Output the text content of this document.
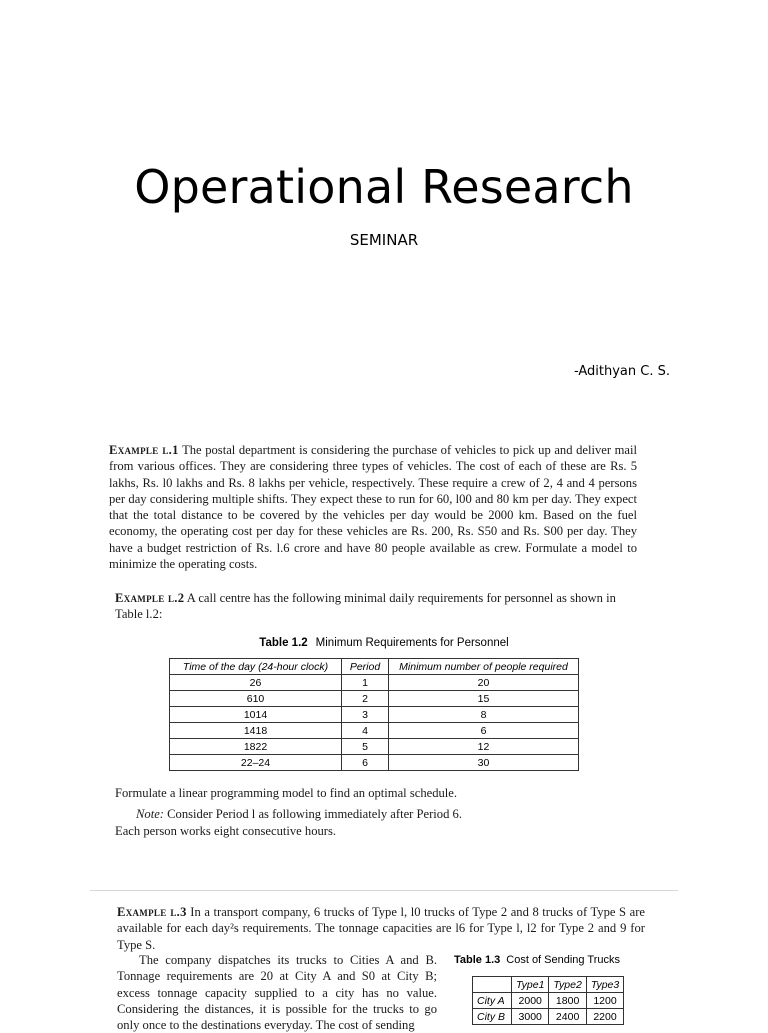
Operational Research
SEMINAR
-Adithyan C. S.
Example l.1 The postal department is considering the purchase of vehicles to pick up and deliver mail from various offices. They are considering three types of vehicles. The cost of each of these are Rs. 5 lakhs, Rs. l0 lakhs and Rs. 8 lakhs per vehicle, respectively. These require a crew of 2, 4 and 4 persons per day considering multiple shifts. They expect these to run for 60, l00 and 80 km per day. They expect that the total distance to be covered by the vehicles per day would be 2000 km. Based on the fuel economy, the operating cost per day for these vehicles are Rs. 200, Rs. S50 and Rs. S00 per day. They have a budget restriction of Rs. l.6 crore and have 80 people available as crew. Formulate a model to minimize the operating costs.
Example l.2 A call centre has the following minimal daily requirements for personnel as shown in Table l.2:
Table 1.2 Minimum Requirements for Personnel
Time of the day (24-hour clock)	Period	Minimum number of people required
26	1	20
610	2	15
1014	3	8
1418	4	6
1822	5	12
22–24	6	30
Formulate a linear programming model to find an optimal schedule.
Note: Consider Period l as following immediately after Period 6.
Each person works eight consecutive hours.
Example l.3 In a transport company, 6 trucks of Type l, l0 trucks of Type 2 and 8 trucks of Type S are available for each day²s requirements. The tonnage capacities are l6 for Type l, l2 for Type 2 and 9 for Type S.
The company dispatches its trucks to Cities A and B. Tonnage requirements are 20 at City A and S0 at City B; excess tonnage capacity supplied to a city has no value. Considering the distances, it is possible for the trucks to go only once to the destinations everyday. The cost of sending
Table 1.3 Cost of Sending Trucks
	Type1	Type2	Type3
City A	2000	1800	1200
City B	3000	2400	2200
